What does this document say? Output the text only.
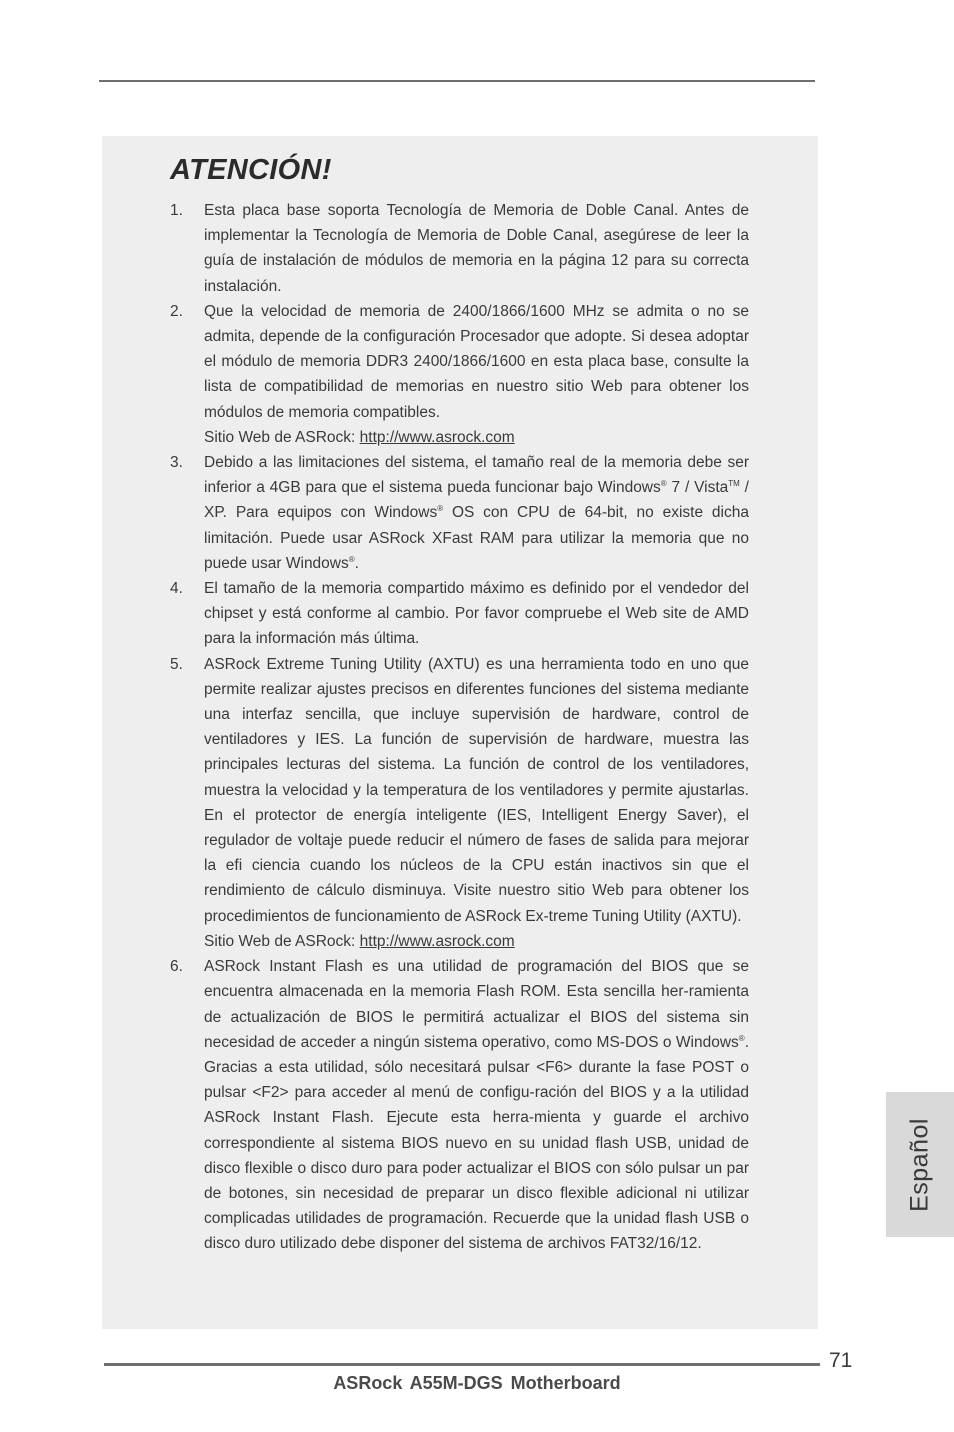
ATENCIÓN!
1. Esta placa base soporta Tecnología de Memoria de Doble Canal. Antes de implementar la Tecnología de Memoria de Doble Canal, asegúrese de leer la guía de instalación de módulos de memoria en la página 12 para su correcta instalación.

2. Que la velocidad de memoria de 2400/1866/1600 MHz se admita o no se admita, depende de la configuración Procesador que adopte. Si desea adoptar el módulo de memoria DDR3 2400/1866/1600 en esta placa base, consulte la lista de compatibilidad de memorias en nuestro sitio Web para obtener los módulos de memoria compatibles.

Sitio Web de ASRock: http://www.asrock.com

3. Debido a las limitaciones del sistema, el tamaño real de la memoria debe ser inferior a 4GB para que el sistema pueda funcionar bajo Windows® 7 / Vista™ / XP. Para equipos con Windows® OS con CPU de 64-bit, no existe dicha limitación. Puede usar ASRock XFast RAM para utilizar la memoria que no puede usar Windows®.

4. El tamaño de la memoria compartido máximo es definido por el vendedor del chipset y está conforme al cambio. Por favor compruebe el Web site de AMD para la información más última.

5. ASRock Extreme Tuning Utility (AXTU) es una herramienta todo en uno que permite realizar ajustes precisos en diferentes funciones del sistema mediante una interfaz sencilla, que incluye supervisión de hardware, control de ventiladores y IES. La función de supervisión de hardware, muestra las principales lecturas del sistema. La función de control de los ventiladores, muestra la velocidad y la temperatura de los ventiladores y permite ajustarlas. En el protector de energía inteligente (IES, Intelligent Energy Saver), el regulador de voltaje puede reducir el número de fases de salida para mejorar la efi ciencia cuando los núcleos de la CPU están inactivos sin que el rendimiento de cálculo disminuya. Visite nuestro sitio Web para obtener los procedimientos de funcionamiento de ASRock Ex-treme Tuning Utility (AXTU).

Sitio Web de ASRock: http://www.asrock.com

6. ASRock Instant Flash es una utilidad de programación del BIOS que se encuentra almacenada en la memoria Flash ROM. Esta sencilla her-ramienta de actualización de BIOS le permitirá actualizar el BIOS del sistema sin necesidad de acceder a ningún sistema operativo, como MS-DOS o Windows®. Gracias a esta utilidad, sólo necesitará pulsar <F6> durante la fase POST o pulsar <F2> para acceder al menú de configu-ración del BIOS y a la utilidad ASRock Instant Flash. Ejecute esta herra-mienta y guarde el archivo correspondiente al sistema BIOS nuevo en su unidad flash USB, unidad de disco flexible o disco duro para poder actualizar el BIOS con sólo pulsar un par de botones, sin necesidad de preparar un disco flexible adicional ni utilizar complicadas utilidades de programación. Recuerde que la unidad flash USB o disco duro utilizado debe disponer del sistema de archivos FAT32/16/12.

Español
71
ASRock A55M-DGS Motherboard
